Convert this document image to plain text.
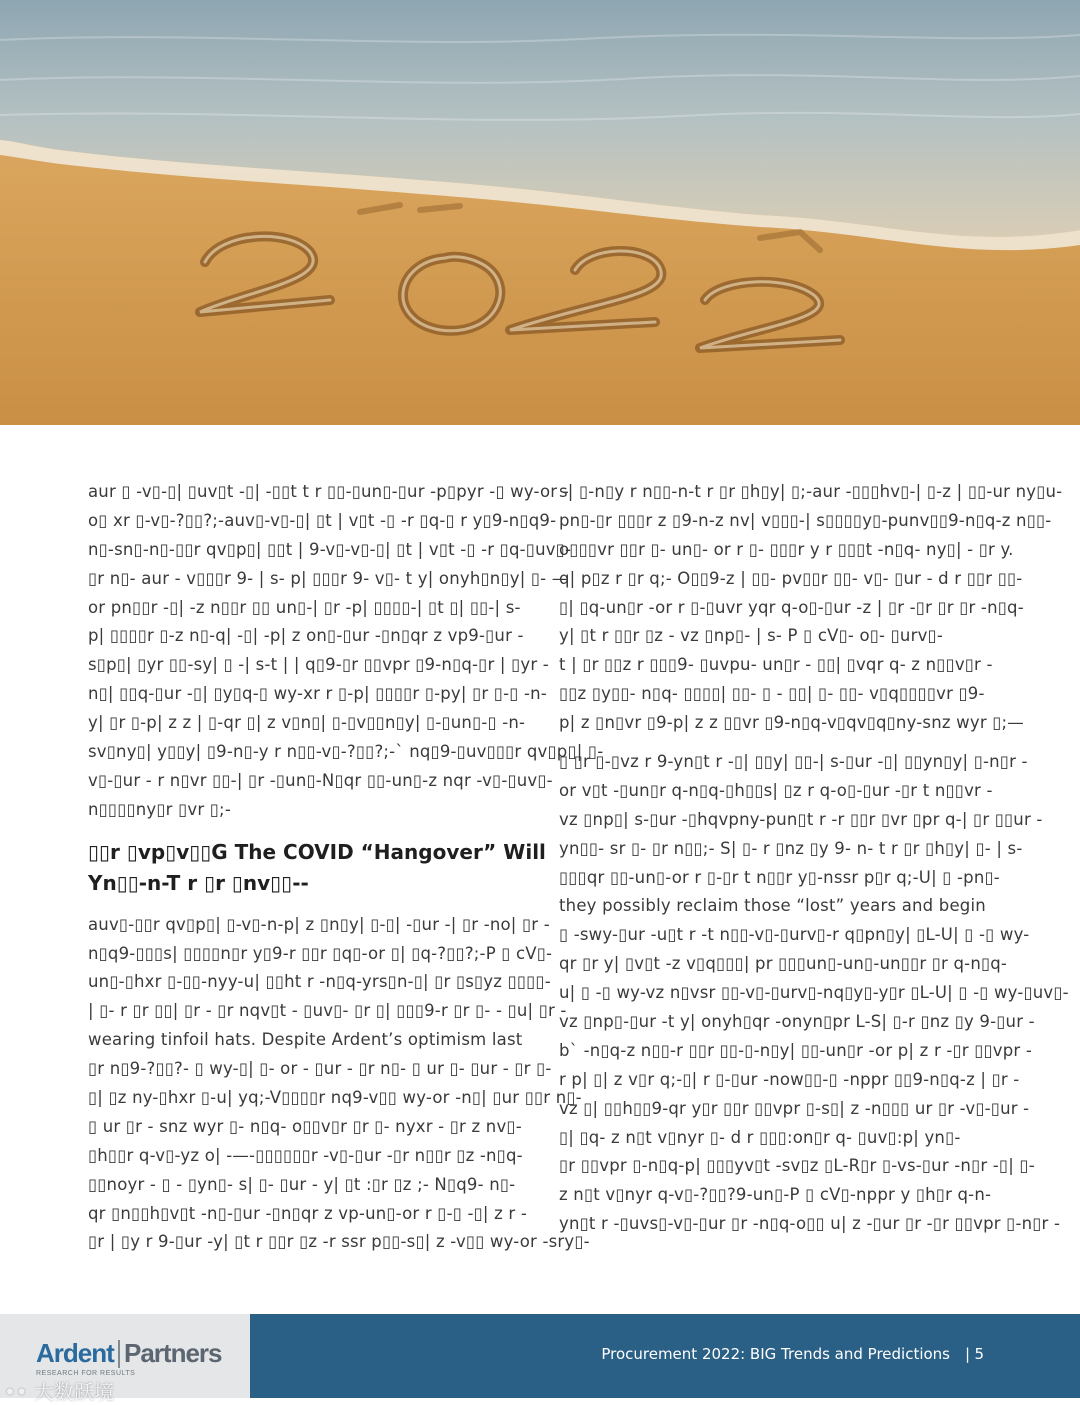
aur ▯ -v▯-▯| ▯uv▯t -▯| -▯▯t t r ▯▯-▯un▯-▯ur -p▯pyr -▯ wy-or -
o▯ xr ▯-v▯-?▯▯?;-auv▯-v▯-▯| ▯t | v▯t -▯ -r ▯q-▯ r y▯9-n▯q9-
n▯-sn▯-n▯-▯▯r qv▯p▯| ▯▯t | 9-v▯-v▯-▯| ▯t | v▯t -▯ -r ▯q-▯uv▯-
▯r n▯- aur - v▯▯▯r 9- | s- p| ▯▯▯r 9- v▯- t y| onyh▯n▯y| ▯- —
or pn▯▯r -▯| -z n▯▯r ▯▯ un▯-| ▯r -p| ▯▯▯▯-| ▯t ▯| ▯▯-| s-
p| ▯▯▯▯r ▯-z n▯-q| -▯| -p| z on▯-▯ur -▯n▯qr z vp9-▯ur -
s▯p▯| ▯yr ▯▯-sy| ▯ -| s-t | | q▯9-▯r ▯▯vpr ▯9-n▯q-▯r | ▯yr -
n▯| ▯▯q-▯ur -▯| ▯y▯q-▯ wy-xr r ▯-p| ▯▯▯▯r ▯-py| ▯r ▯-▯ -n-
y| ▯r ▯-p| z z | ▯-qr ▯| z v▯n▯| ▯-▯v▯▯n▯y| ▯-▯un▯-▯ -n-
sv▯ny▯| y▯▯y| ▯9-n▯-y r n▯▯-v▯-?▯▯?;-` nq▯9-▯uv▯▯▯r qv▯p▯| ▯-
v▯-▯ur - r n▯vr ▯▯-| ▯r -▯un▯-N▯qr ▯▯-un▯-z nqr -v▯-▯uv▯-
n▯▯▯▯ny▯r ▯vr ▯;-
▯▯r ▯vp▯v▯▯G The COVID “Hangover” Will
Yn▯▯-n-T r ▯r ▯nv▯▯--
auv▯-▯▯r qv▯p▯| ▯-v▯-n-p| z ▯n▯y| ▯-▯| -▯ur -| ▯r -no| ▯r -
n▯q9-▯▯▯s| ▯▯▯▯n▯r y▯9-r ▯▯r ▯q▯-or ▯| ▯q-?▯▯?;-P ▯ cV▯-
un▯-▯hxr ▯-▯▯-nyy-u| ▯▯ht r -n▯q-yrs▯n-▯| ▯r ▯s▯yz ▯▯▯▯-
| ▯- r ▯r ▯▯| ▯r - ▯r nqv▯t - ▯uv▯- ▯r ▯| ▯▯▯9-r ▯r ▯- - ▯u| ▯r -
wearing tinfoil hats. Despite Ardent’s optimism last
▯r n▯9-?▯▯?- ▯ wy-▯| ▯- or - ▯ur - ▯r n▯- ▯ ur ▯- ▯ur - ▯r ▯-
▯| ▯z ny-▯hxr ▯-u| yq;-V▯▯▯▯r nq9-v▯▯ wy-or -n▯| ▯ur ▯▯r n▯-
▯ ur ▯r - snz wyr ▯- n▯q- o▯▯v▯r ▯r ▯- nyxr - ▯r z nv▯-
▯h▯▯r q-v▯-yz o| -—-▯▯▯▯▯▯r -v▯-▯ur -▯r n▯▯r ▯z -n▯q-
▯▯noyr - ▯ - ▯yn▯- s| ▯- ▯ur - y| ▯t :▯r ▯z ;- N▯q9- n▯-
qr ▯n▯▯h▯v▯t -n▯-▯ur -▯n▯qr z vp-un▯-or r ▯-▯ -▯| z r -
▯r | ▯y r 9-▯ur -y| ▯t r ▯▯r ▯z -r ssr p▯▯-s▯| z -v▯▯ wy-or -sry▯-
s| ▯-n▯y r n▯▯-n-t r ▯r ▯h▯y| ▯;-aur -▯▯▯hv▯-| ▯-z | ▯▯-ur ny▯u-
pn▯-▯r ▯▯▯r z ▯9-n-z nv| v▯▯▯-| s▯▯▯▯y▯-punv▯▯9-n▯q-z n▯▯-
o▯▯▯vr ▯▯r ▯- un▯- or r ▯- ▯▯▯r y r ▯▯▯t -n▯q- ny▯| - ▯r y.
q| p▯z r ▯r q;- O▯▯9-z | ▯▯- pv▯▯r ▯▯- v▯- ▯ur - d r ▯▯r ▯▯-
▯| ▯q-un▯r -or r ▯-▯uvr yqr q-o▯-▯ur -z | ▯r -▯r ▯r ▯r -n▯q-
y| ▯t r ▯▯r ▯z - vz ▯np▯- | s- P ▯ cV▯- o▯- ▯urv▯-
t | ▯r ▯▯z r ▯▯▯9- ▯uvpu- un▯r - ▯▯| ▯vqr q- z n▯▯v▯r -
▯▯z ▯y▯▯- n▯q- ▯▯▯▯| ▯▯- ▯ - ▯▯| ▯- ▯▯- v▯q▯▯▯▯vr ▯9-
p| z ▯n▯vr ▯9-p| z z ▯▯vr ▯9-n▯q-v▯qv▯q▯ny-snz wyr ▯;—
▯ ▯r ▯-▯vz r 9-yn▯t r -▯| ▯▯y| ▯▯-| s-▯ur -▯| ▯▯yn▯y| ▯-n▯r -
or v▯t -▯un▯r q-n▯q-▯h▯▯s| ▯z r q-o▯-▯ur -▯r t n▯▯vr -
vz ▯np▯| s-▯ur -▯hqvpny-pun▯t r -r ▯▯r ▯vr ▯pr q-| ▯r ▯▯ur -
yn▯▯- sr ▯- ▯r n▯▯;- S| ▯- r ▯nz ▯y 9- n- t r ▯r ▯h▯y| ▯- | s-
▯▯▯qr ▯▯-un▯-or r ▯-▯r t n▯▯r y▯-nssr p▯r q;-U| ▯ -pn▯-
they possibly reclaim those “lost” years and begin
▯ -swy-▯ur -u▯t r -t n▯▯-v▯-▯urv▯-r q▯pn▯y| ▯L-U| ▯ -▯ wy-
qr ▯r y| ▯v▯t -z v▯q▯▯▯| pr ▯▯▯un▯-un▯-un▯▯r ▯r q-n▯q-
u| ▯ -▯ wy-vz n▯vsr ▯▯-v▯-▯urv▯-nq▯y▯-y▯r ▯L-U| ▯ -▯ wy-▯uv▯-
vz ▯np▯-▯ur -t y| onyh▯qr -onyn▯pr L-S| ▯-r ▯nz ▯y 9-▯ur -
b` -n▯q-z n▯▯-r ▯▯r ▯▯-▯-n▯y| ▯▯-un▯r -or p| z r -▯r ▯▯vpr -
r p| ▯| z v▯r q;-▯| r ▯-▯ur -now▯▯-▯ -nppr ▯▯9-n▯q-z | ▯r -
vz ▯| ▯▯h▯▯9-qr y▯r ▯▯r ▯▯vpr ▯-s▯| z -n▯▯▯ ur ▯r -v▯-▯ur -
▯| ▯q- z n▯t v▯nyr ▯- d r ▯▯▯:on▯r q- ▯uv▯:p| yn▯-
▯r ▯▯vpr ▯-n▯q-p| ▯▯▯yv▯t -sv▯z ▯L-R▯r ▯-vs-▯ur -n▯r -▯| ▯-
z n▯t v▯nyr q-v▯-?▯▯?9-un▯-P ▯ cV▯-nppr y ▯h▯r q-n-
yn▯t r -▯uvs▯-v▯-▯ur ▯r -n▯q-o▯▯ u| z -▯ur ▯r -▯r ▯▯vpr ▯-n▯r -
Ardent Partners
RESEARCH FOR RESULTS
•• 大数跃境
Procurement 2022: BIG Trends and Predictions | 5
